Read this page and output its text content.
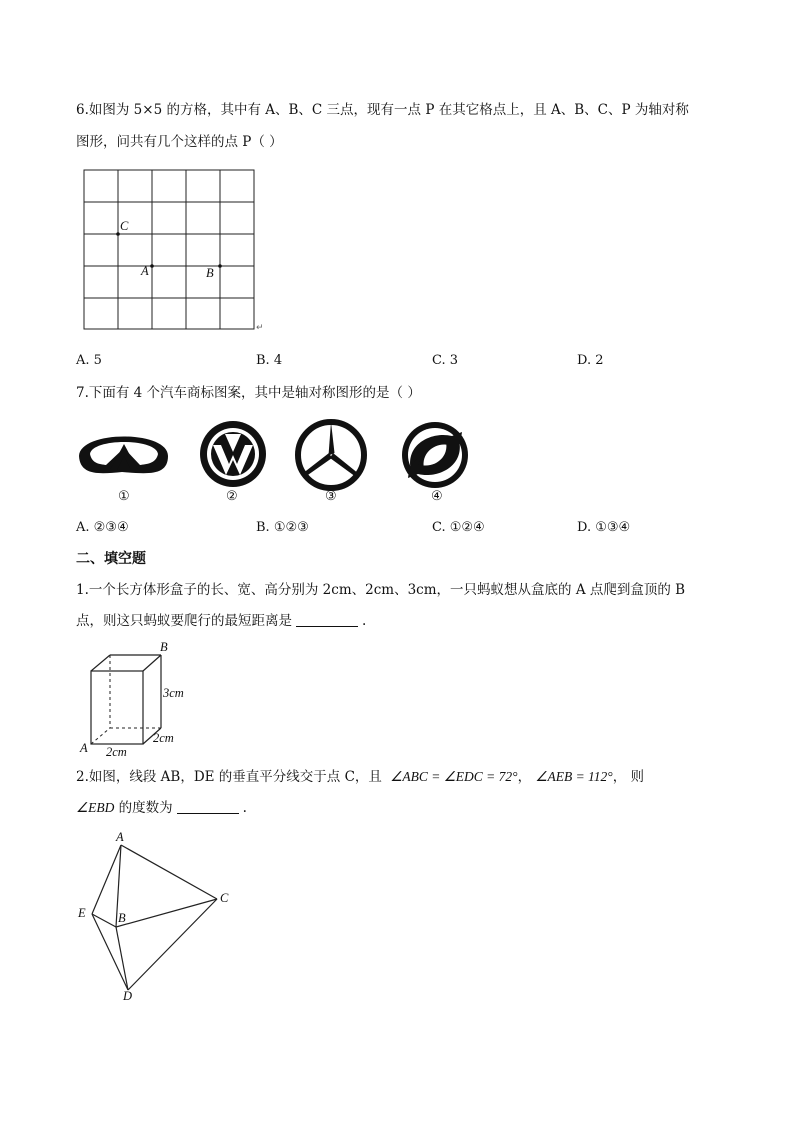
6.如图为 5×5 的方格，其中有 A、B、C 三点，现有一点 P 在其它格点上，且 A、B、C、P 为轴对称
图形，问共有几个这样的点 P（ ）
↵
C
A	B
A. 5	B. 4	C. 3	D. 2
7.下面有 4 个汽车商标图案，其中是轴对称图形的是（ ）
①	②	③	④
A. ②③④	B. ①②③	C. ①②④	D. ①③④
二、填空题
1.一个长方体形盒子的长、宽、高分别为 2cm、2cm、3cm，一只蚂蚁想从盒底的 A 点爬到盒顶的 B
点，则这只蚂蚁要爬行的最短距离是	.
B
A
3cm
2cm
2cm
2.如图，线段 AB，DE 的垂直平分线交于点 C，且 ∠ABC = ∠EDC = 72°， ∠AEB = 112°， 则
∠EBD 的度数为	.
A
C
E	B
D
